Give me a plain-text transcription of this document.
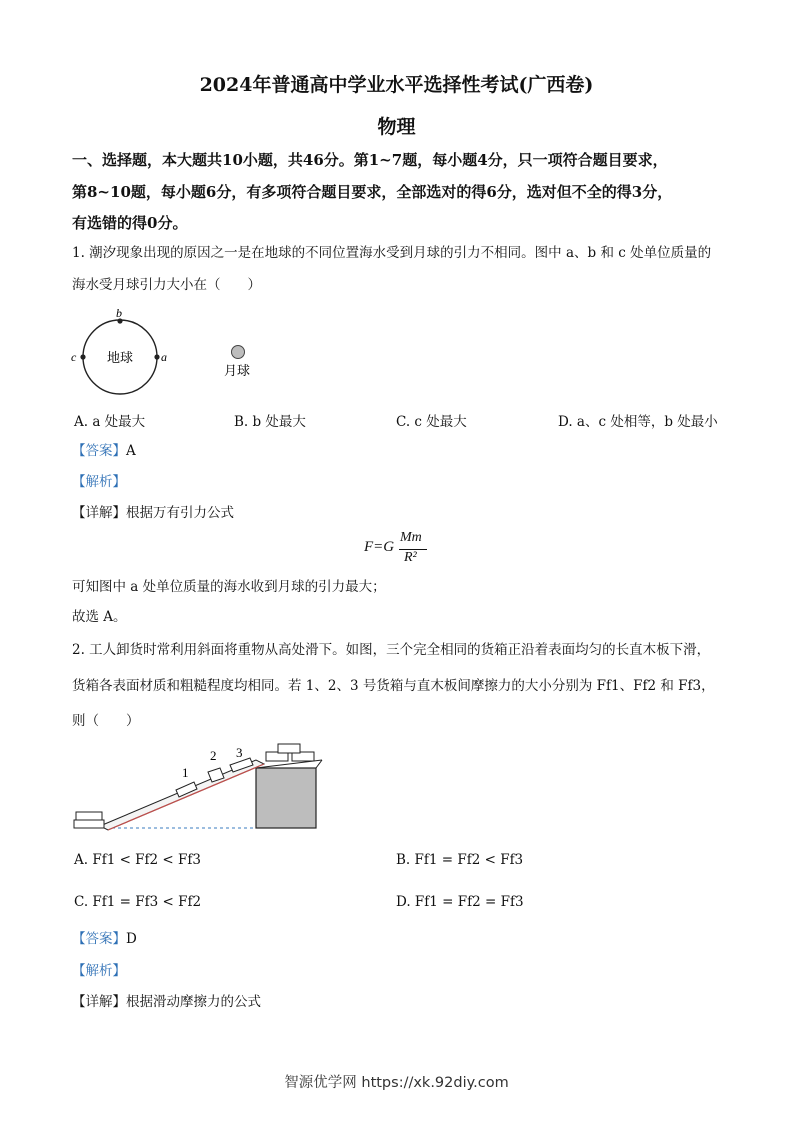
2024年普通高中学业水平选择性考试(广西卷)
物理
一、选择题，本大题共10小题，共46分。第1~7题，每小题4分，只一项符合题目要求，
第8~10题，每小题6分，有多项符合题目要求，全部选对的得6分，选对但不全的得3分，
有选错的得0分。
1. 潮汐现象出现的原因之一是在地球的不同位置海水受到月球的引力不相同。图中 a、b 和 c 处单位质量的
海水受月球引力大小在（　　）
b
c	a
地球
月球
A. a 处最大	B. b 处最大	C. c 处最大	D. a、c 处相等，b 处最小
【答案】A
【解析】
【详解】根据万有引力公式
F=G
Mm
R²
可知图中 a 处单位质量的海水收到月球的引力最大；
故选 A。
2. 工人卸货时常利用斜面将重物从高处滑下。如图，三个完全相同的货箱正沿着表面均匀的长直木板下滑，
货箱各表面材质和粗糙程度均相同。若 1、2、3 号货箱与直木板间摩擦力的大小分别为 Ff1、Ff2 和 Ff3，
则（　　）
1
2 3
A. Ff1 < Ff2 < Ff3	B. Ff1 = Ff2 < Ff3
C. Ff1 = Ff3 < Ff2	D. Ff1 = Ff2 = Ff3
【答案】D
【解析】
【详解】根据滑动摩擦力的公式
智源优学网 https://xk.92diy.com
